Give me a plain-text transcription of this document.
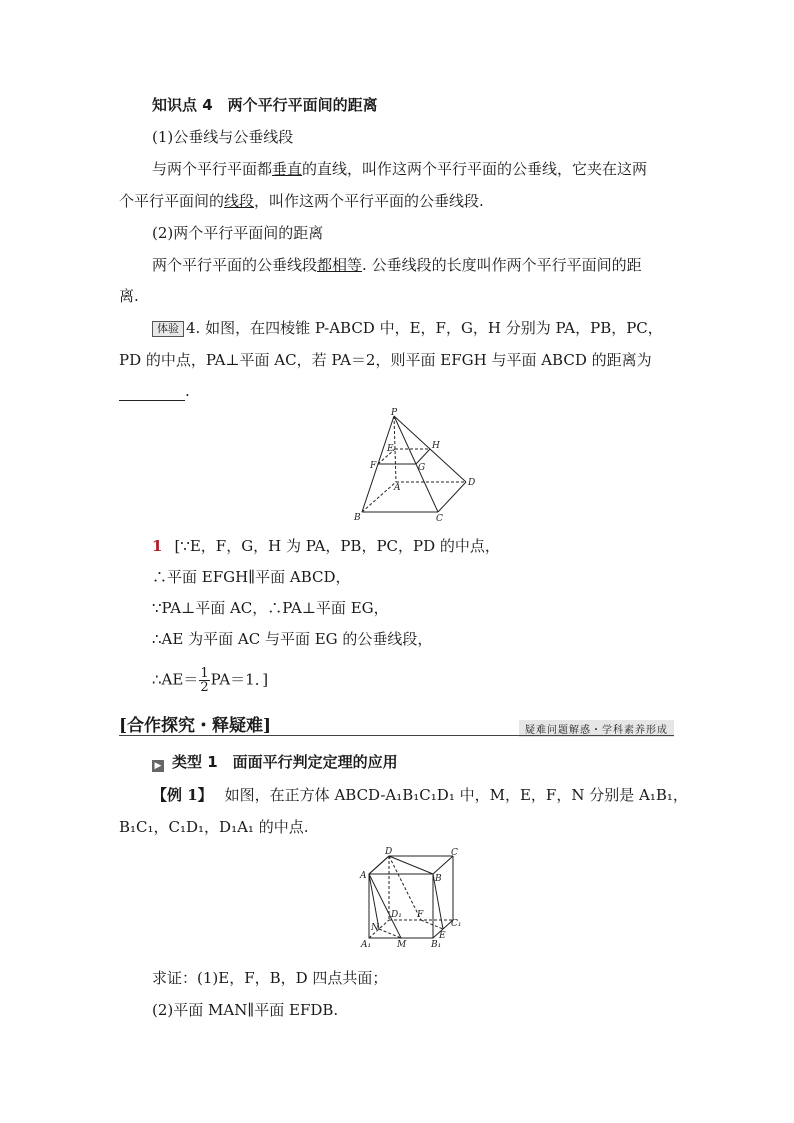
知识点 4　两个平行平面间的距离
(1)公垂线与公垂线段
与两个平行平面都垂直的直线，叫作这两个平行平面的公垂线，它夹在这两
个平行平面间的线段，叫作这两个平行平面的公垂线段.
(2)两个平行平面间的距离
两个平行平面的公垂线段都相等. 公垂线段的长度叫作两个平行平面间的距
离.
体验 4. 如图，在四棱锥 P-ABCD 中，E，F，G，H 分别为 PA，PB，PC，
PD 的中点，PA⊥平面 AC，若 PA＝2，则平面 EFGH 与平面 ABCD 的距离为
.
P
E	H
F	G
A	D
B	C
1 [∵E，F，G，H 为 PA，PB，PC，PD 的中点，
∴平面 EFGH∥平面 ABCD，
∵PA⊥平面 AC，∴PA⊥平面 EG，
∴AE 为平面 AC 与平面 EG 的公垂线段，
∴AE＝ $\frac{1}{2} PA=1$．]
[合作探究・释疑难]	疑难问题解惑・学科素养形成
▶ 类型 1　面面平行判定定理的应用
【例 1】 如图，在正方体 ABCD-A₁B₁C₁D₁ 中，M，E，F，N 分别是 A₁B₁，
B₁C₁，C₁D₁，D₁A₁ 的中点.
D	C
A	B
D₁ F
C₁
N
E
A₁	M	B₁
求证：(1)E，F，B，D 四点共面；
(2)平面 MAN∥平面 EFDB.
